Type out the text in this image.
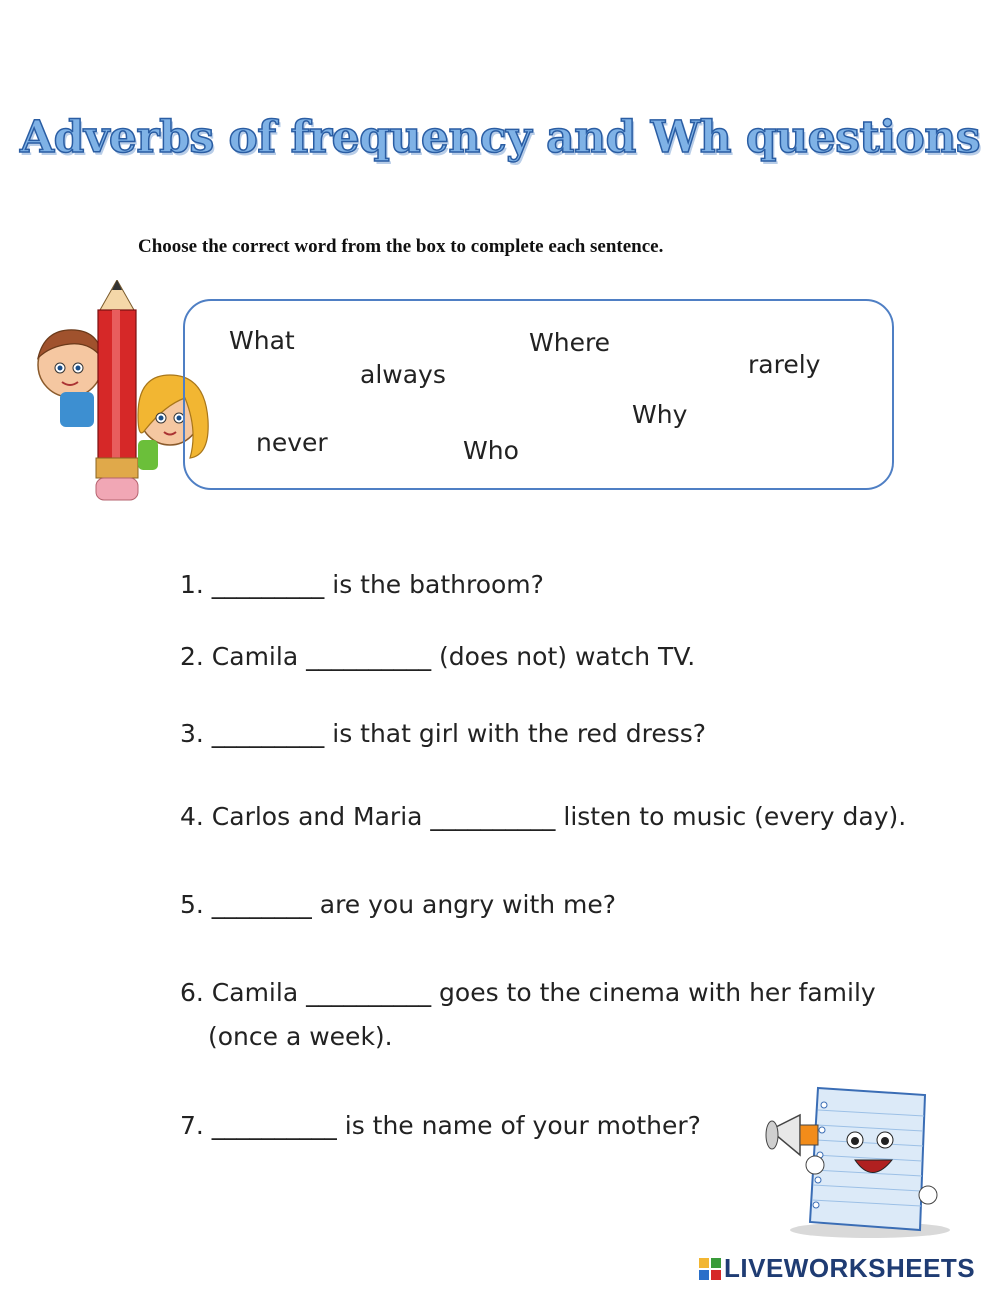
Adverbs of frequency and Wh questions
Choose the correct word from the box to complete each sentence.
What
always
Where
rarely
Why
never	Who
1. _________ is the bathroom?
2. Camila __________ (does not) watch TV.
3. _________ is that girl with the red dress?
4. Carlos and Maria __________ listen to music (every day).
5. ________ are you angry with me?
6. Camila __________ goes to the cinema with her family
(once a week).
7. __________ is the name of your mother?
LIVEWORKSHEETS
